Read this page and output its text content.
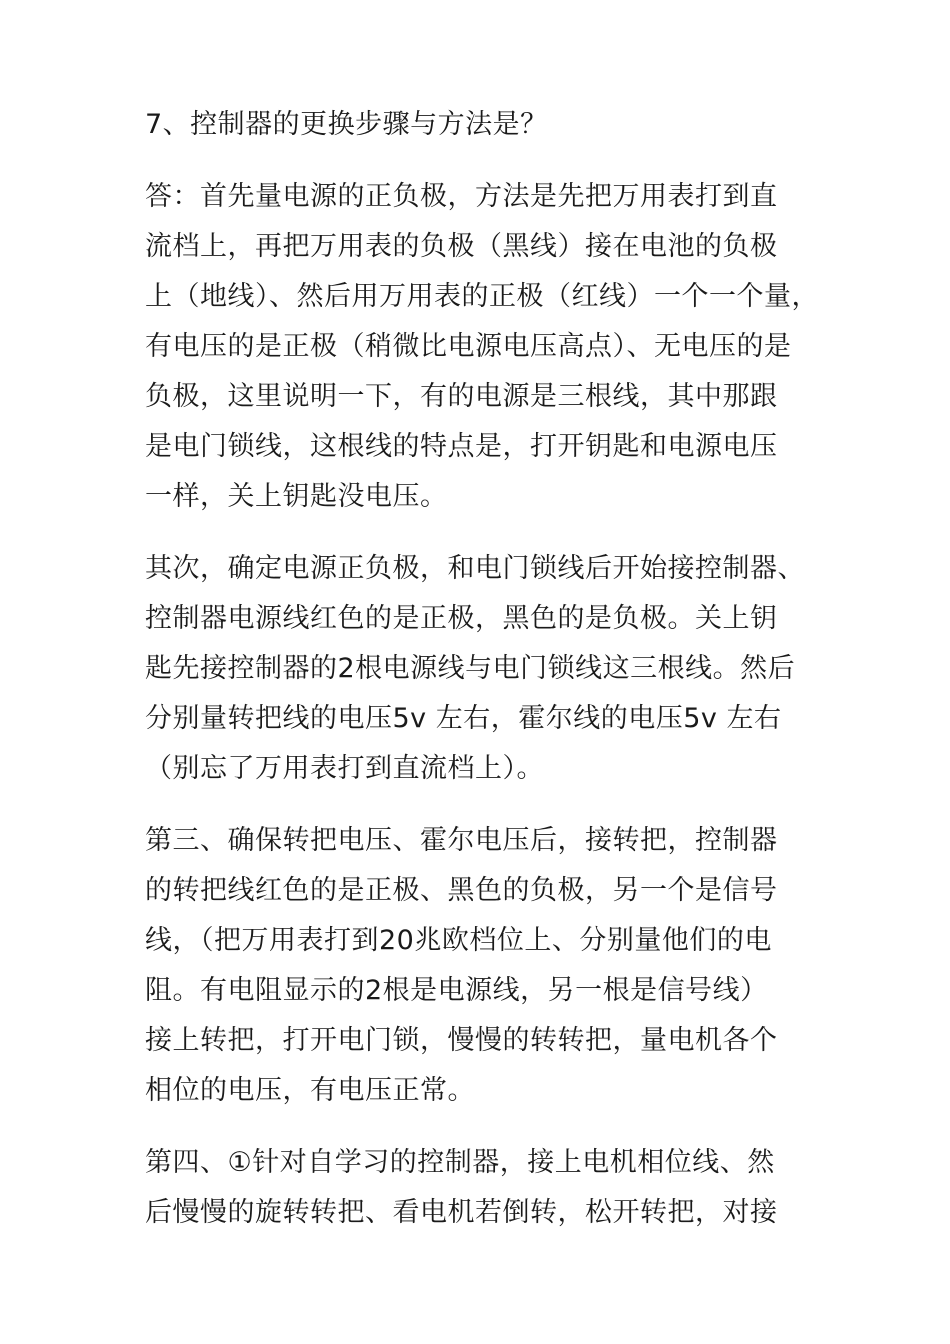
7、控制器的更换步骤与方法是？

答：首先量电源的正负极，方法是先把万用表打到直
流档上，再把万用表的负极（黑线）接在电池的负极
上（地线）、然后用万用表的正极（红线）一个一个量，
有电压的是正极（稍微比电源电压高点）、无电压的是
负极，这里说明一下，有的电源是三根线，其中那跟
是电门锁线，这根线的特点是，打开钥匙和电源电压
一样，关上钥匙没电压。

其次，确定电源正负极，和电门锁线后开始接控制器、
控制器电源线红色的是正极，黑色的是负极。关上钥
匙先接控制器的2根电源线与电门锁线这三根线。然后
分别量转把线的电压5v 左右，霍尔线的电压5v 左右
（别忘了万用表打到直流档上）。

第三、确保转把电压、霍尔电压后，接转把，控制器
的转把线红色的是正极、黑色的负极，另一个是信号
线，（把万用表打到20兆欧档位上、分别量他们的电
阻。有电阻显示的2根是电源线，另一根是信号线）
接上转把，打开电门锁，慢慢的转转把，量电机各个
相位的电压，有电压正常。

第四、①针对自学习的控制器，接上电机相位线、然
后慢慢的旋转转把、看电机若倒转，松开转把，对接
